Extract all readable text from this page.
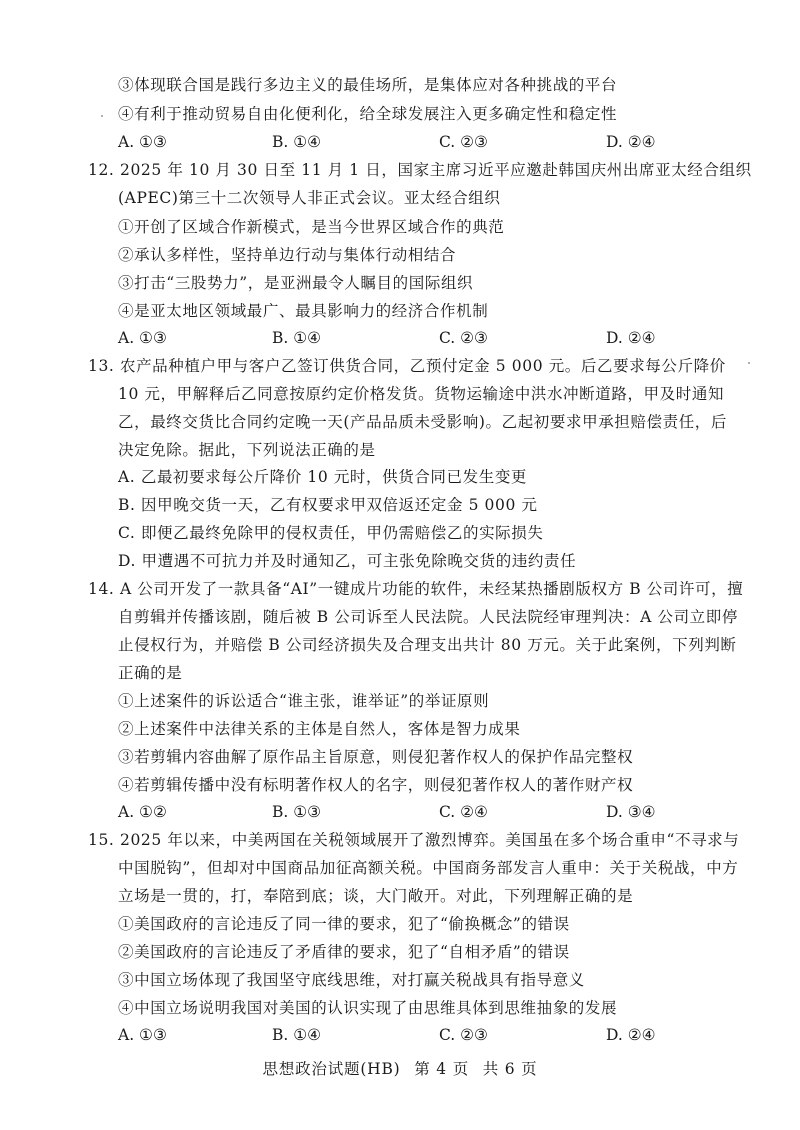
③体现联合国是践行多边主义的最佳场所，是集体应对各种挑战的平台
④有利于推动贸易自由化便利化，给全球发展注入更多确定性和稳定性
A. ①③	B. ①④	C. ②③	D. ②④
12. 2025 年 10 月 30 日至 11 月 1 日，国家主席习近平应邀赴韩国庆州出席亚太经合组织
(APEC)第三十二次领导人非正式会议。亚太经合组织
①开创了区域合作新模式，是当今世界区域合作的典范
②承认多样性，坚持单边行动与集体行动相结合
③打击“三股势力”，是亚洲最令人瞩目的国际组织
④是亚太地区领域最广、最具影响力的经济合作机制
A. ①③	B. ①④	C. ②③	D. ②④
13. 农产品种植户甲与客户乙签订供货合同，乙预付定金 5 000 元。后乙要求每公斤降价
10 元，甲解释后乙同意按原约定价格发货。货物运输途中洪水冲断道路，甲及时通知
乙，最终交货比合同约定晚一天(产品品质未受影响)。乙起初要求甲承担赔偿责任，后
决定免除。据此，下列说法正确的是
A. 乙最初要求每公斤降价 10 元时，供货合同已发生变更
B. 因甲晚交货一天，乙有权要求甲双倍返还定金 5 000 元
C. 即便乙最终免除甲的侵权责任，甲仍需赔偿乙的实际损失
D. 甲遭遇不可抗力并及时通知乙，可主张免除晚交货的违约责任
14. A 公司开发了一款具备“AI”一键成片功能的软件，未经某热播剧版权方 B 公司许可，擅
自剪辑并传播该剧，随后被 B 公司诉至人民法院。人民法院经审理判决：A 公司立即停
止侵权行为，并赔偿 B 公司经济损失及合理支出共计 80 万元。关于此案例，下列判断
正确的是
①上述案件的诉讼适合“谁主张，谁举证”的举证原则
②上述案件中法律关系的主体是自然人，客体是智力成果
③若剪辑内容曲解了原作品主旨原意，则侵犯著作权人的保护作品完整权
④若剪辑传播中没有标明著作权人的名字，则侵犯著作权人的著作财产权
A. ①②	B. ①③	C. ②④	D. ③④
15. 2025 年以来，中美两国在关税领域展开了激烈博弈。美国虽在多个场合重申“不寻求与
中国脱钩”，但却对中国商品加征高额关税。中国商务部发言人重申：关于关税战，中方
立场是一贯的，打，奉陪到底；谈，大门敞开。对此，下列理解正确的是
①美国政府的言论违反了同一律的要求，犯了“偷换概念”的错误
②美国政府的言论违反了矛盾律的要求，犯了“自相矛盾”的错误
③中国立场体现了我国坚守底线思维，对打赢关税战具有指导意义
④中国立场说明我国对美国的认识实现了由思维具体到思维抽象的发展
A. ①③	B. ①④	C. ②③	D. ②④
思想政治试题(HB) 第 4 页 共 6 页
